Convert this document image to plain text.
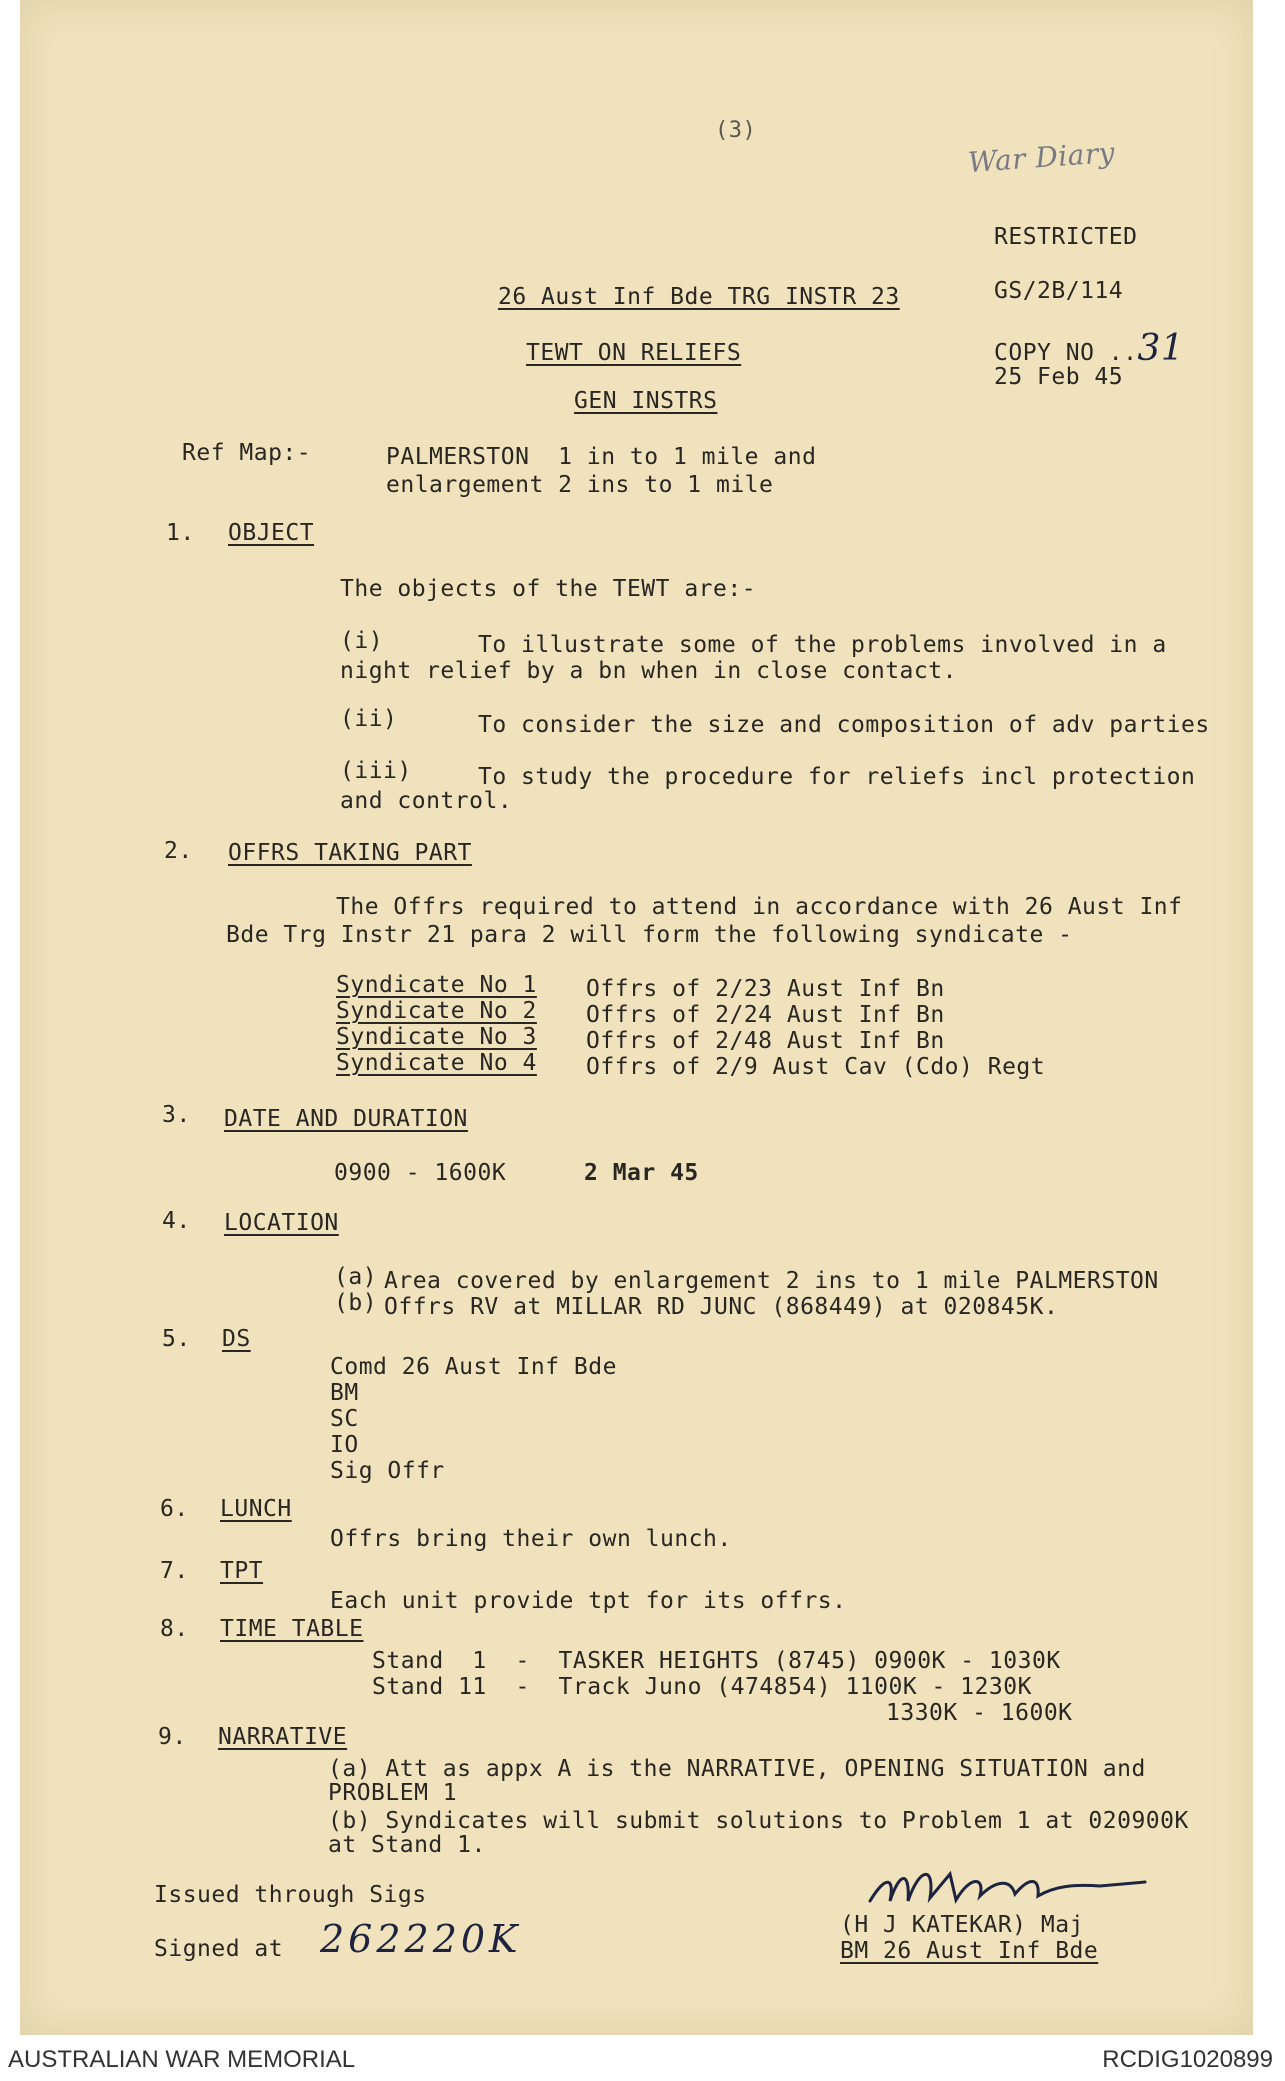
(3)
War Diary
RESTRICTED
GS/2B/114
COPY NO ..31
25 Feb 45
26 Aust Inf Bde TRG INSTR 23
TEWT ON RELIEFS
GEN INSTRS
Ref Map:-	PALMERSTON  1 in to 1 mile and
enlargement 2 ins to 1 mile
1. OBJECT
The objects of the TEWT are:-
(i)	To illustrate some of the problems involved in a
night relief by a bn when in close contact.
(ii)	To consider the size and composition of adv parties
(iii)	To study the procedure for reliefs incl protection
and control.
2. OFFRS TAKING PART
The Offrs required to attend in accordance with 26 Aust Inf
Bde Trg Instr 21 para 2 will form the following syndicate -
Syndicate No 1 Offrs of 2/23 Aust Inf Bn
Syndicate No 2 Offrs of 2/24 Aust Inf Bn
Syndicate No 3 Offrs of 2/48 Aust Inf Bn
Syndicate No 4 Offrs of 2/9 Aust Cav (Cdo) Regt
3. DATE AND DURATION
0900 - 1600K	2 Mar 45
4. LOCATION
(a) Area covered by enlargement 2 ins to 1 mile PALMERSTON
(b) Offrs RV at MILLAR RD JUNC (868449) at 020845K.
5. DS
Comd 26 Aust Inf Bde
BM
SC
IO
Sig Offr
6. LUNCH
Offrs bring their own lunch.
7. TPT
Each unit provide tpt for its offrs.
8. TIME TABLE
Stand  1  -  TASKER HEIGHTS (8745) 0900K - 1030K
Stand 11  -  Track Juno (474854) 1100K - 1230K
1330K - 1600K
9. NARRATIVE
(a) Att as appx A is the NARRATIVE, OPENING SITUATION and
PROBLEM 1
(b) Syndicates will submit solutions to Problem 1 at 020900K
at Stand 1.
Issued through Sigs
Signed at 262220K	(H J KATEKAR) Maj
BM 26 Aust Inf Bde
AUSTRALIAN WAR MEMORIAL	RCDIG1020899
